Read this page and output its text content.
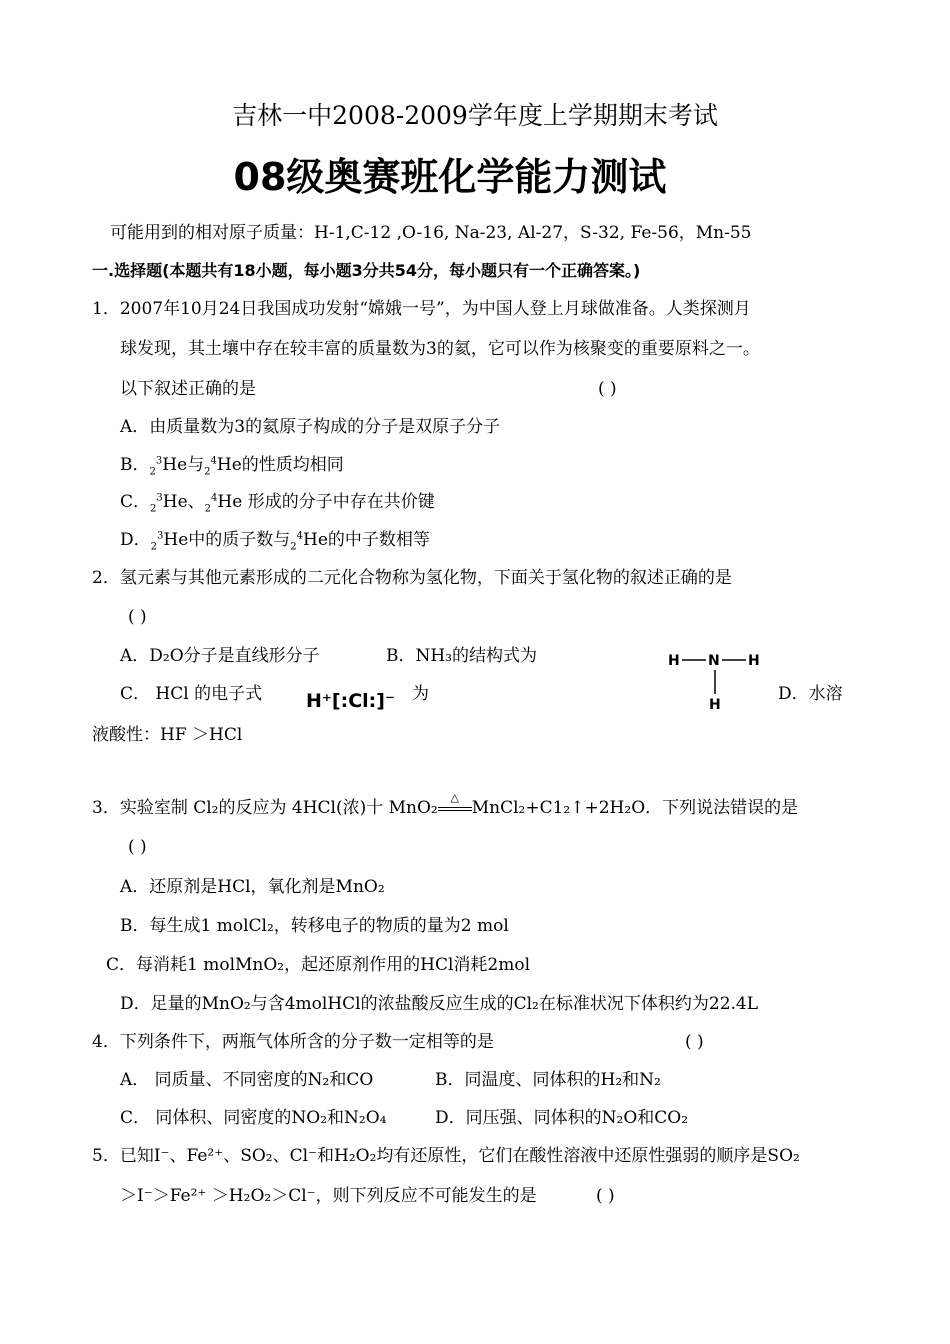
吉林一中2008-2009学年度上学期期末考试
08级奥赛班化学能力测试
可能用到的相对原子质量：H-1,C-12 ,O-16, Na-23, Al-27，S-32, Fe-56，Mn-55
一.选择题(本题共有18小题，每小题3分共54分，每小题只有一个正确答案。)
1．2007年10月24日我国成功发射“嫦娥一号”，为中国人登上月球做准备。人类探测月
球发现，其土壤中存在较丰富的质量数为3的氦，它可以作为核聚变的重要原料之一。
以下叙述正确的是	( )
A．由质量数为3的氦原子构成的分子是双原子分子
B．$_2^3$He与$_2^4$He的性质均相同
C．$_2^3$He、$_2^4$He 形成的分子中存在共价键
D．$_2^3$He中的质子数与$_2^4$He的中子数相等
2．氢元素与其他元素形成的二元化合物称为氢化物，下面关于氢化物的叙述正确的是
( )
A．D₂O分子是直线形分子	B．NH₃的结构式为	H N H
H
C． HCl 的电子式 H⁺[:Cl:]⁻ 为	D．水溶
液酸性：HF ＞HCl
3．实验室制 Cl₂的反应为 4HCl(浓)十 MnO₂
△
MnCl₂+C1₂↑+2H₂O．下列说法错误的是
( )
A．还原剂是HCl，氧化剂是MnO₂
B．每生成1 molCl₂，转移电子的物质的量为2 mol
C．每消耗1 molMnO₂，起还原剂作用的HCl消耗2mol
D．足量的MnO₂与含4molHCl的浓盐酸反应生成的Cl₂在标准状况下体积约为22.4L
4．下列条件下，两瓶气体所含的分子数一定相等的是	( )
A． 同质量、不同密度的N₂和CO	B．同温度、同体积的H₂和N₂
C． 同体积、同密度的NO₂和N₂O₄	D．同压强、同体积的N₂O和CO₂
5．已知I⁻、Fe²⁺、SO₂、Cl⁻和H₂O₂均有还原性，它们在酸性溶液中还原性强弱的顺序是SO₂
＞I⁻＞Fe²⁺ ＞H₂O₂＞Cl⁻，则下列反应不可能发生的是	( )
